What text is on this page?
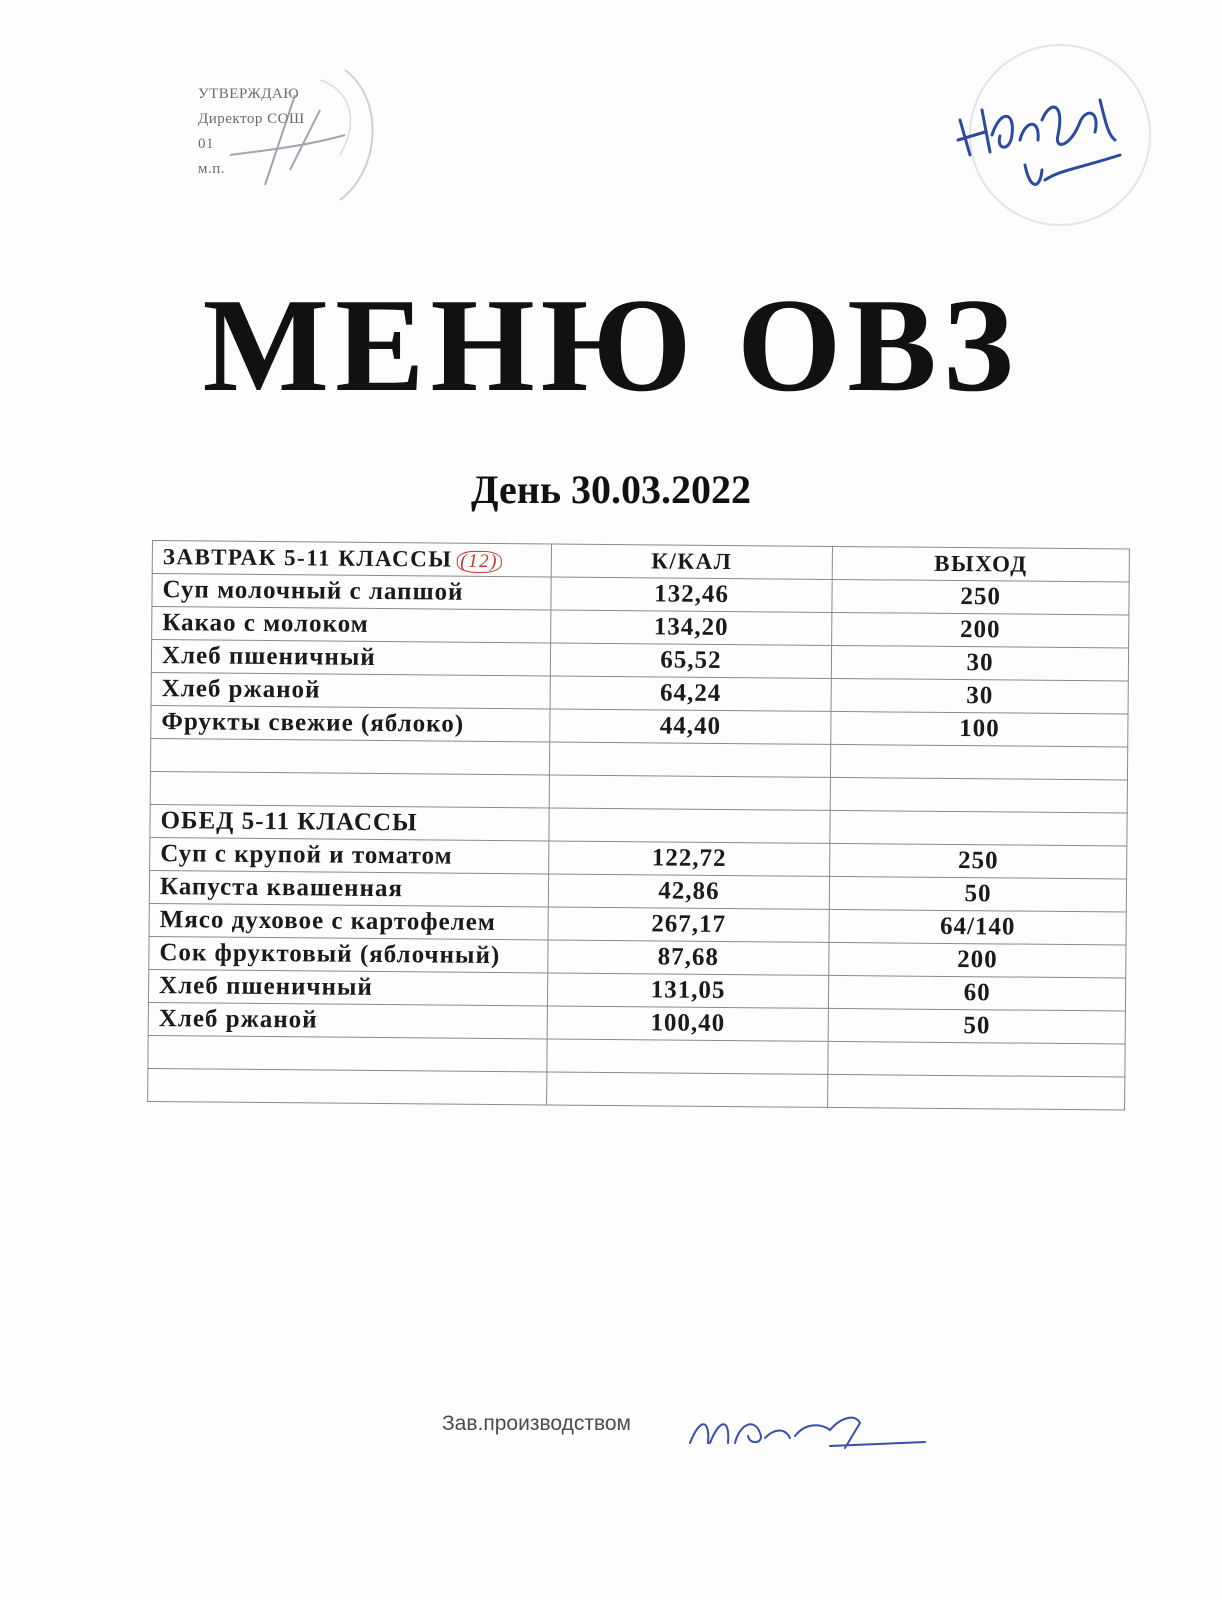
УТВЕРЖДАЮ
Директор СОШ
01
м.п.
МЕНЮ ОВЗ
День 30.03.2022
ЗАВТРАК 5-11 КЛАССЫ (12)	К/КАЛ	ВЫХОД
Суп молочный с лапшой	132,46	250
Какао с молоком	134,20	200
Хлеб пшеничный	65,52	30
Хлеб ржаной	64,24	30
Фрукты свежие (яблоко)	44,40	100

ОБЕД 5-11 КЛАССЫ		
Суп с крупой и томатом	122,72	250
Капуста квашенная	42,86	50
Мясо духовое с картофелем	267,17	64/140
Сок фруктовый (яблочный)	87,68	200
Хлеб пшеничный	131,05	60
Хлеб ржаной	100,40	50

Зав.производством
